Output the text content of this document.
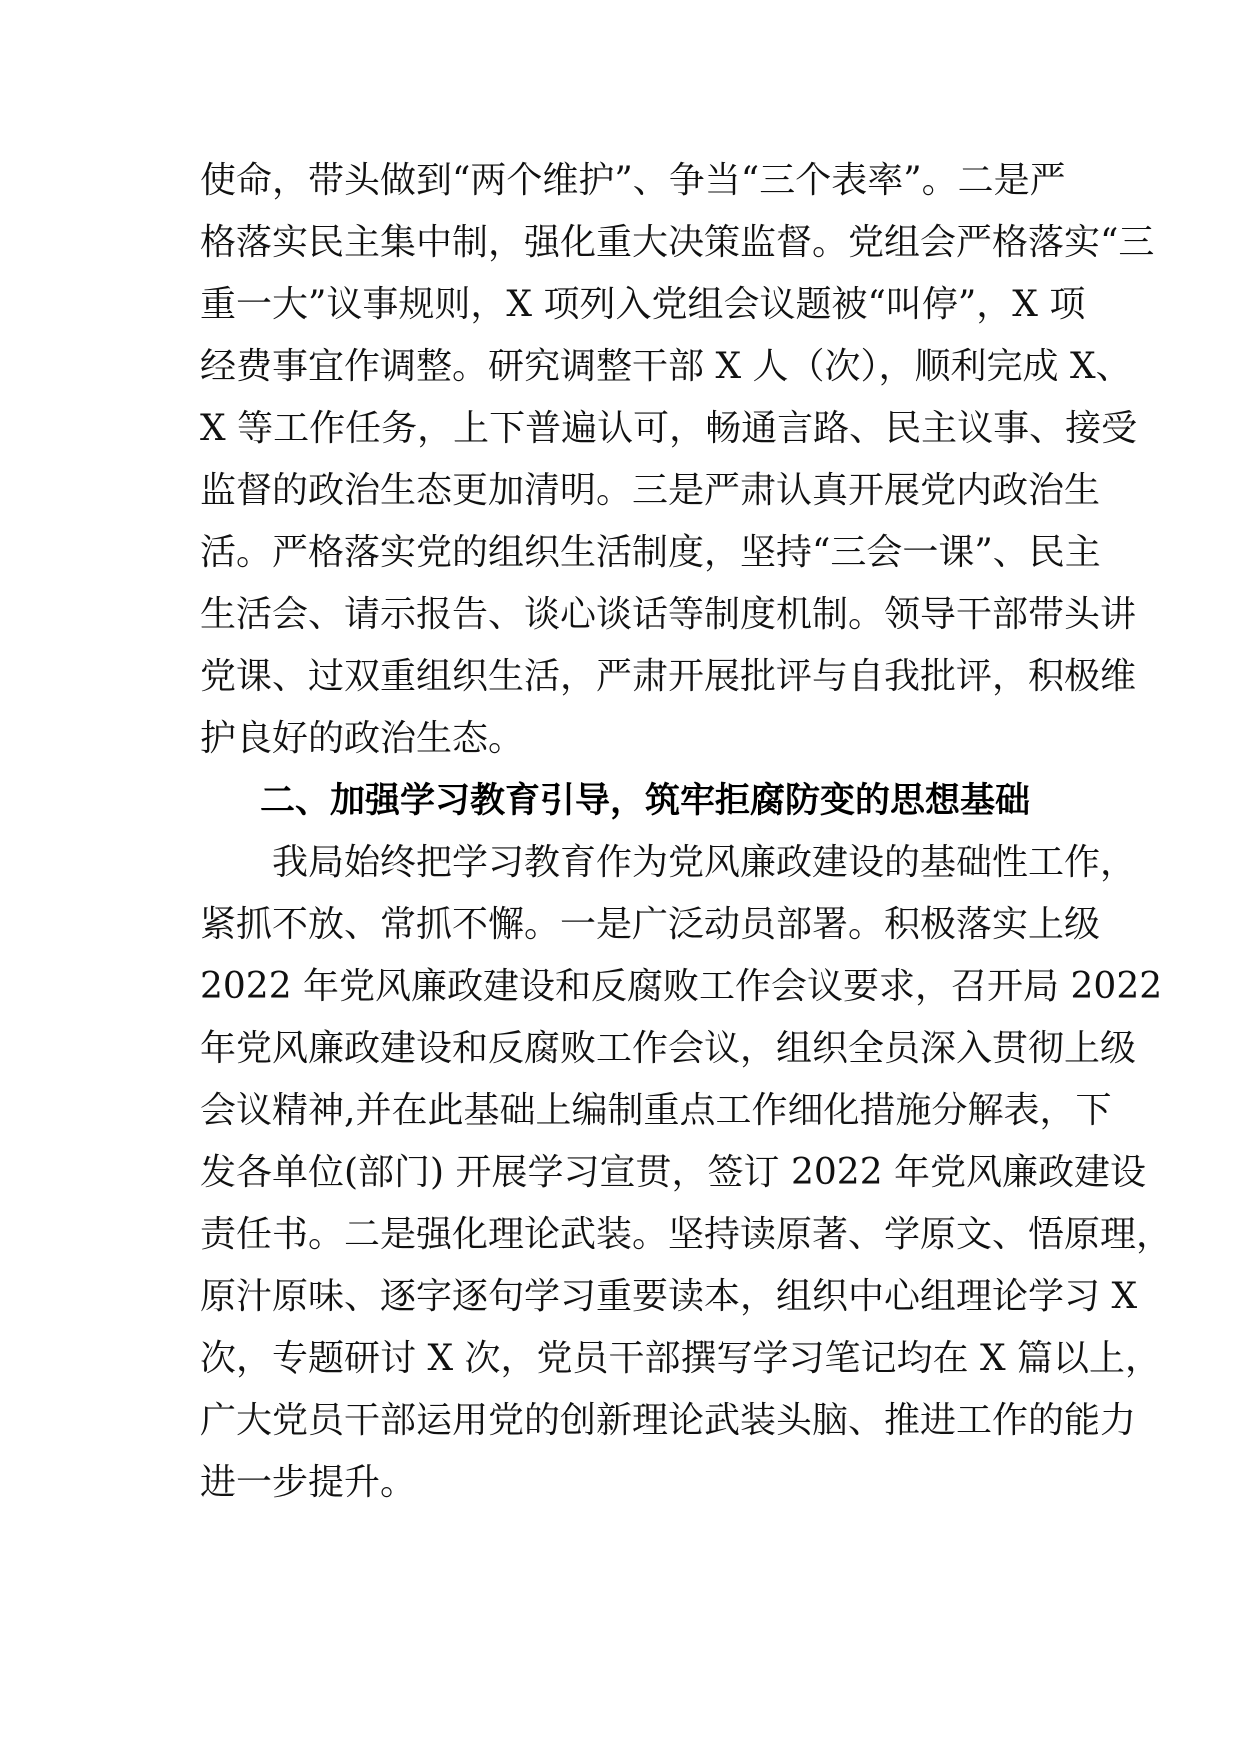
使命，带头做到“两个维护”、争当“三个表率”。二是严
格落实民主集中制，强化重大决策监督。党组会严格落实“三
重一大”议事规则，X 项列入党组会议题被“叫停”，X 项
经费事宜作调整。研究调整干部 X 人（次），顺利完成 X、
X 等工作任务，上下普遍认可，畅通言路、民主议事、接受
监督的政治生态更加清明。三是严肃认真开展党内政治生
活。严格落实党的组织生活制度，坚持“三会一课”、民主
生活会、请示报告、谈心谈话等制度机制。领导干部带头讲
党课、过双重组织生活，严肃开展批评与自我批评，积极维
护良好的政治生态。
二、加强学习教育引导，筑牢拒腐防变的思想基础
我局始终把学习教育作为党风廉政建设的基础性工作，
紧抓不放、常抓不懈。一是广泛动员部署。积极落实上级
2022 年党风廉政建设和反腐败工作会议要求，召开局 2022
年党风廉政建设和反腐败工作会议，组织全员深入贯彻上级
会议精神,并在此基础上编制重点工作细化措施分解表，下
发各单位(部门) 开展学习宣贯，签订 2022 年党风廉政建设
责任书。二是强化理论武装。坚持读原著、学原文、悟原理，
原汁原味、逐字逐句学习重要读本，组织中心组理论学习 X
次，专题研讨 X 次，党员干部撰写学习笔记均在 X 篇以上，
广大党员干部运用党的创新理论武装头脑、推进工作的能力
进一步提升。
